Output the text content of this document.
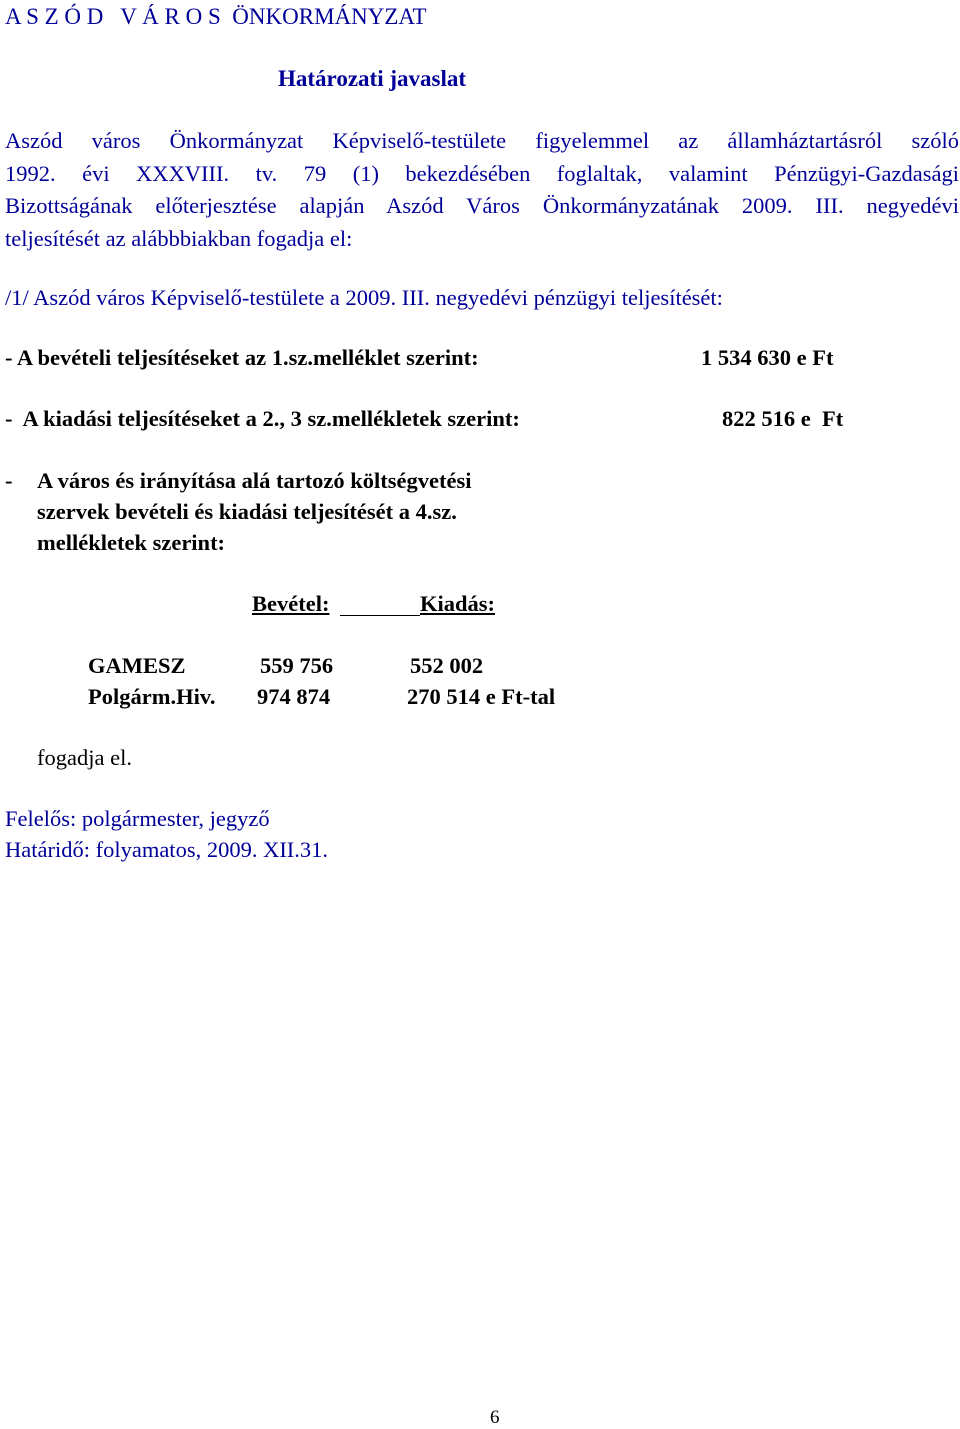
A S Z Ó D   V Á R O S  ÖNKORMÁNYZAT
Határozati javaslat
Aszód város Önkormányzat Képviselő-testülete figyelemmel az államháztartásról szóló
1992. évi XXXVIII. tv. 79 (1) bekezdésében foglaltak, valamint Pénzügyi-Gazdasági
Bizottságának előterjesztése alapján Aszód Város Önkormányzatának 2009. III. negyedévi
teljesítését az alábbbiakban fogadja el:
/1/ Aszód város Képviselő-testülete a 2009. III. negyedévi pénzügyi teljesítését:
- A bevételi teljesítéseket az 1.sz.melléklet szerint:	1 534 630 e Ft
-  A kiadási teljesítéseket a 2., 3 sz.mellékletek szerint:	822 516 e  Ft
- A város és irányítása alá tartozó költségvetési
szervek bevételi és kiadási teljesítését a 4.sz.
mellékletek szerint:
Bevétel:	Kiadás:
GAMESZ	559 756	552 002
Polgárm.Hiv. 974 874	270 514 e Ft-tal
fogadja el.
Felelős: polgármester, jegyző
Határidő: folyamatos, 2009. XII.31.
6
